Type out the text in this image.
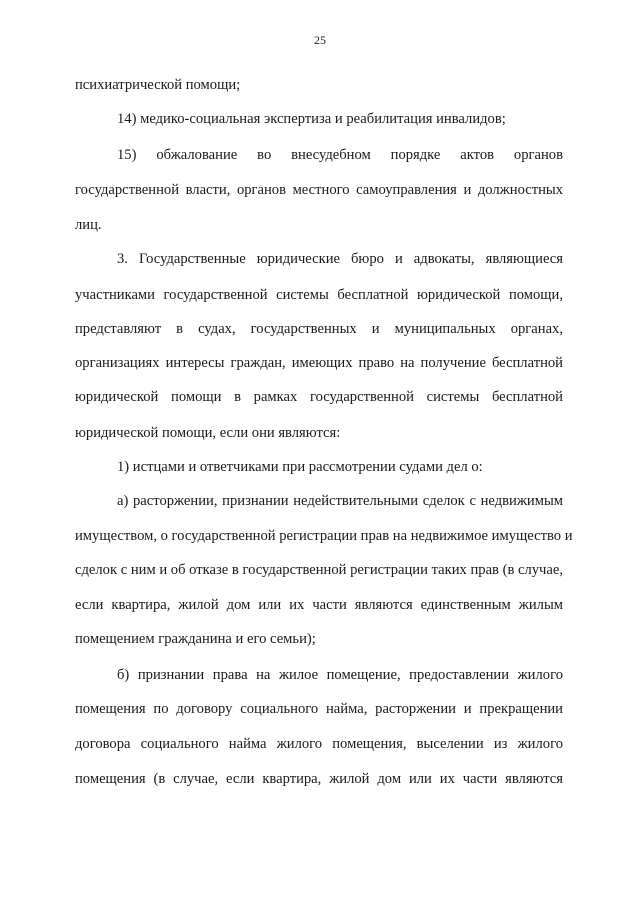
25
психиатрической помощи;
14) медико-социальная экспертиза и реабилитация инвалидов;
15) обжалование во внесудебном порядке актов органов
государственной власти, органов местного самоуправления и должностных
лиц.
3. Государственные юридические бюро и адвокаты, являющиеся
участниками государственной системы бесплатной юридической помощи,
представляют в судах, государственных и муниципальных органах,
организациях интересы граждан, имеющих право на получение бесплатной
юридической помощи в рамках государственной системы бесплатной
юридической помощи, если они являются:
1) истцами и ответчиками при рассмотрении судами дел о:
а) расторжении, признании недействительными сделок с недвижимым
имуществом, о государственной регистрации прав на недвижимое имущество и
сделок с ним и об отказе в государственной регистрации таких прав (в случае,
если квартира, жилой дом или их части являются единственным жилым
помещением гражданина и его семьи);
б) признании права на жилое помещение, предоставлении жилого
помещения по договору социального найма, расторжении и прекращении
договора социального найма жилого помещения, выселении из жилого
помещения (в случае, если квартира, жилой дом или их части являются
